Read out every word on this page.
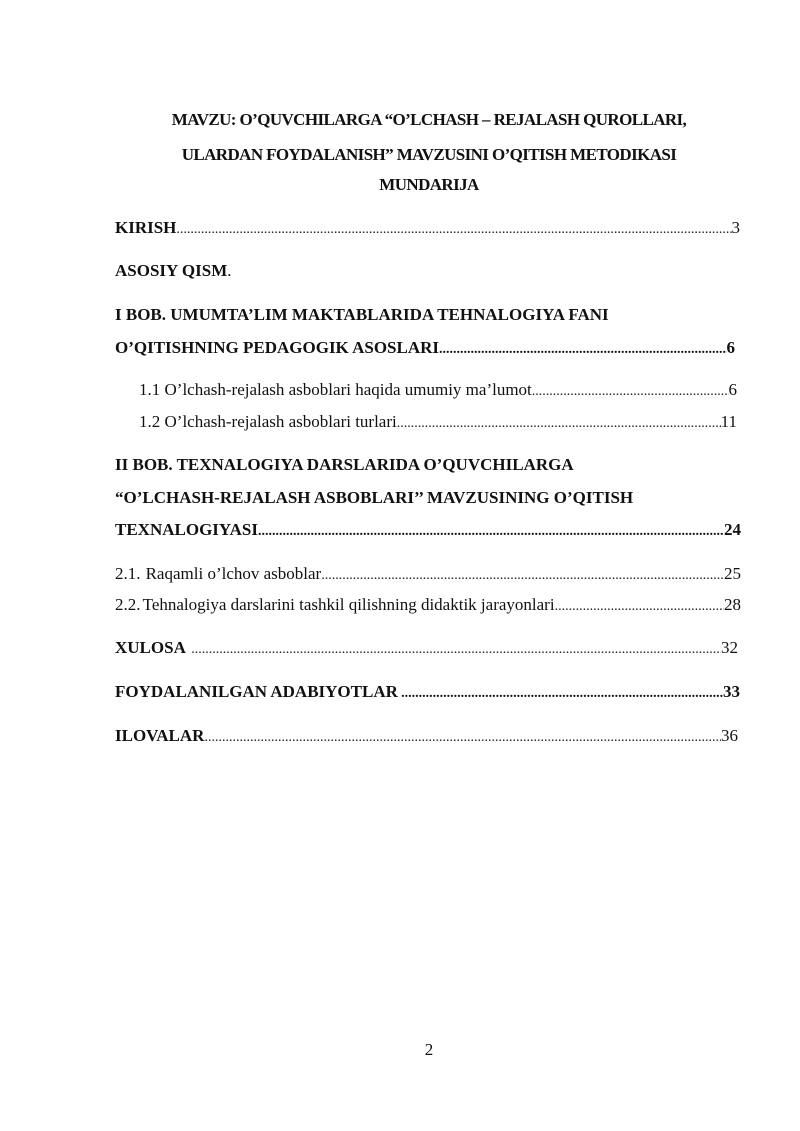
MAVZU: O’QUVCHILARGA “O’LCHASH – REJALASH QUROLLARI,
ULARDAN FOYDALANISH” MAVZUSINI O’QITISH METODIKASI
MUNDARIJA
KIRISH .....	3
ASOSIY QISM.
I BOB. UMUMTA’LIM MAKTABLARIDA TEHNALOGIYA FANI
O’QITISHNING PEDAGOGIK ASOSLARI .....	6
1.1 O’lchash-rejalash asboblari haqida umumiy ma’lumot .....	6
1.2 O’lchash-rejalash asboblari turlari .....	11
II BOB. TEXNALOGIYA DARSLARIDA O’QUVCHILARGA
“O’LCHASH-REJALASH ASBOBLARI’’ MAVZUSINING O’QITISH
TEXNALOGIYASI .....	24
2.1. Raqamli o’lchov asboblar .....	25
2.2. Tehnalogiya darslarini tashkil qilishning didaktik jarayonlari .....	28
XULOSA .....	32
FOYDALANILGAN ADABIYOTLAR .....	33
ILOVALAR .....	36
2
